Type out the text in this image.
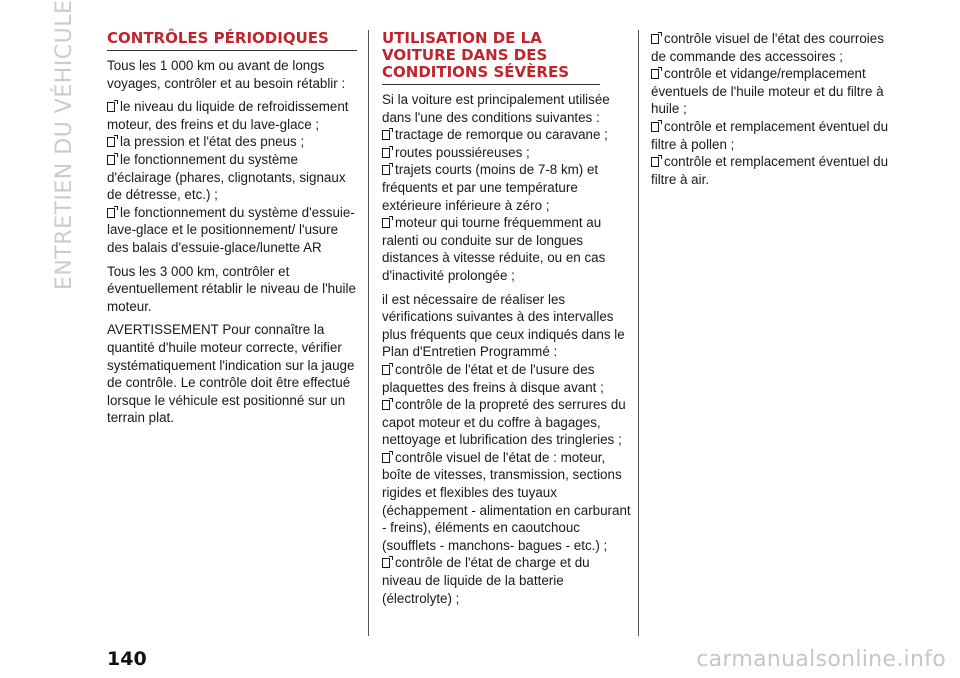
ENTRETIEN DU VÉHICULE CONTRÔLES PÉRIODIQUES

Tous les 1 000 km ou avant de longs voyages, contrôler et au besoin rétablir :

le niveau du liquide de refroidissement moteur, des freins et du lave-glace ;
la pression et l'état des pneus ;
le fonctionnement du système d'éclairage (phares, clignotants, signaux de détresse, etc.) ;
le fonctionnement du système d'essuie-lave-glace et le positionnement/ l'usure des balais d'essuie-glace/lunette AR

Tous les 3 000 km, contrôler et éventuellement rétablir le niveau de l'huile moteur.

AVERTISSEMENT Pour connaître la quantité d'huile moteur correcte, vérifier systématiquement l'indication sur la jauge de contrôle. Le contrôle doit être effectué lorsque le véhicule est positionné sur un terrain plat.

UTILISATION DE LA VOITURE DANS DES CONDITIONS SÉVÈRES

Si la voiture est principalement utilisée dans l'une des conditions suivantes :

tractage de remorque ou caravane ;
routes poussiéreuses ;
trajets courts (moins de 7-8 km) et fréquents et par une température extérieure inférieure à zéro ;
moteur qui tourne fréquemment au ralenti ou conduite sur de longues distances à vitesse réduite, ou en cas d'inactivité prolongée ;

il est nécessaire de réaliser les vérifications suivantes à des intervalles plus fréquents que ceux indiqués dans le Plan d'Entretien Programmé :

contrôle de l'état et de l'usure des plaquettes des freins à disque avant ;
contrôle de la propreté des serrures du capot moteur et du coffre à bagages, nettoyage et lubrification des tringleries ;
contrôle visuel de l'état de : moteur, boîte de vitesses, transmission, sections rigides et flexibles des tuyaux (échappement - alimentation en carburant - freins), éléments en caoutchouc (soufflets - manchons- bagues - etc.) ;
contrôle de l'état de charge et du niveau de liquide de la batterie (électrolyte) ;
contrôle visuel de l'état des courroies de commande des accessoires ;
contrôle et vidange/remplacement éventuels de l'huile moteur et du filtre à huile ;
contrôle et remplacement éventuel du filtre à pollen ;
contrôle et remplacement éventuel du filtre à air.
140	carmanualsonline.info
